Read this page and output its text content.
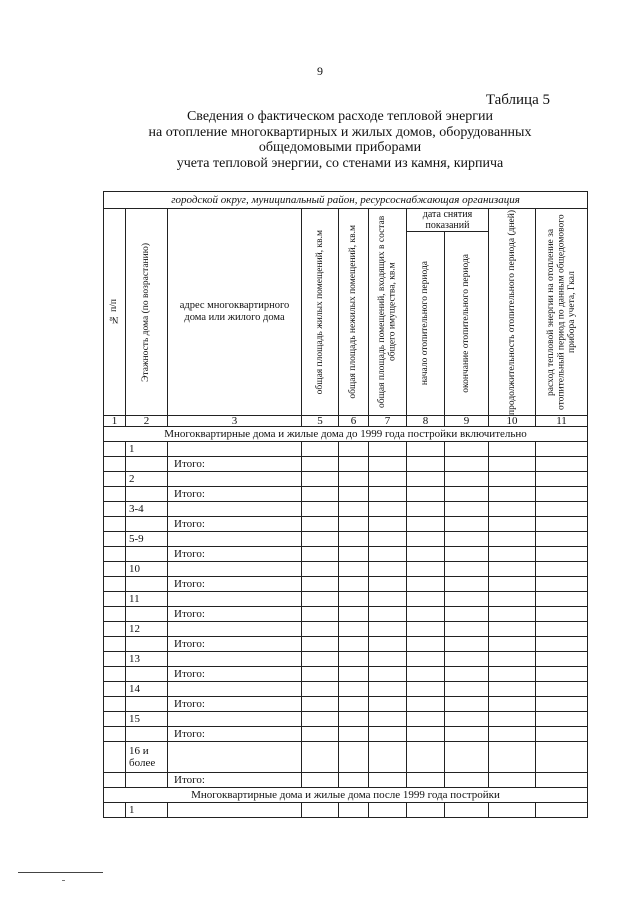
9
Таблица 5
Сведения о фактическом расходе тепловой энергии
на отопление многоквартирных и жилых домов, оборудованных
общедомовыми приборами
учета тепловой энергии, со стенами из камня, кирпича
городской округ, муниципальный район, ресурсоснабжающая организация									

№ п/п	Этажность дома (по возрастанию)	адрес многоквартирного дома или жилого дома	общая площадь жилых помещений, кв.м	общая площадь нежилых помещений, кв.м	общая площадь помещений, входящих в состав общего имущества, кв.м	дата снятия показаний		продолжительность отопительного периода (дней)	расход тепловой энергии на отопление за отопительный период по данным общедомового прибора учета, Гкал

						начало отопительного периода	окончание отопительного периода		

1	2	3	5	6	7	8	9	10	11
Многоквартирные дома и жилые дома до 1999 года постройки включительно									
	1								
		Итого:							
	2								
		Итого:							
	3-4								
		Итого:							
	5-9								
		Итого:							
	10								
		Итого:							
	11								
		Итого:							
	12								
		Итого:							
	13								
		Итого:							
	14								
		Итого:							
	15								
		Итого:							
	16 и более								
		Итого:							
Многоквартирные дома и жилые дома после 1999 года постройки									
	1								
